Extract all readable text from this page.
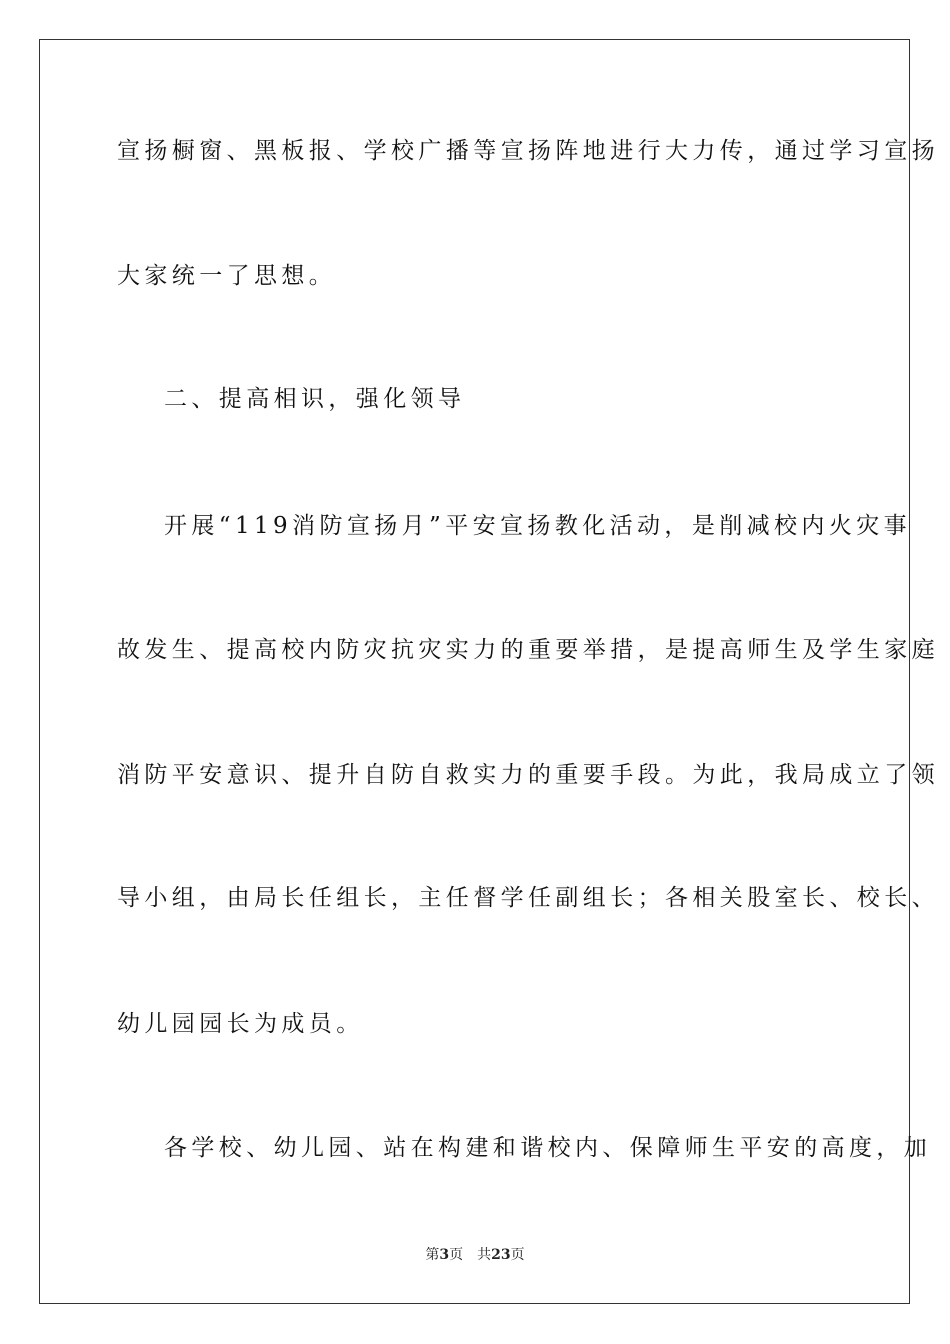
宣扬橱窗、黑板报、学校广播等宣扬阵地进行大力传，通过学习宣扬
大家统一了思想。
二、提高相识，强化领导
开展“119消防宣扬月”平安宣扬教化活动，是削减校内火灾事
故发生、提高校内防灾抗灾实力的重要举措，是提高师生及学生家庭
消防平安意识、提升自防自救实力的重要手段。为此，我局成立了领
导小组，由局长任组长，主任督学任副组长；各相关股室长、校长、
幼儿园园长为成员。
各学校、幼儿园、站在构建和谐校内、保障师生平安的高度，加
第3页 共23页
